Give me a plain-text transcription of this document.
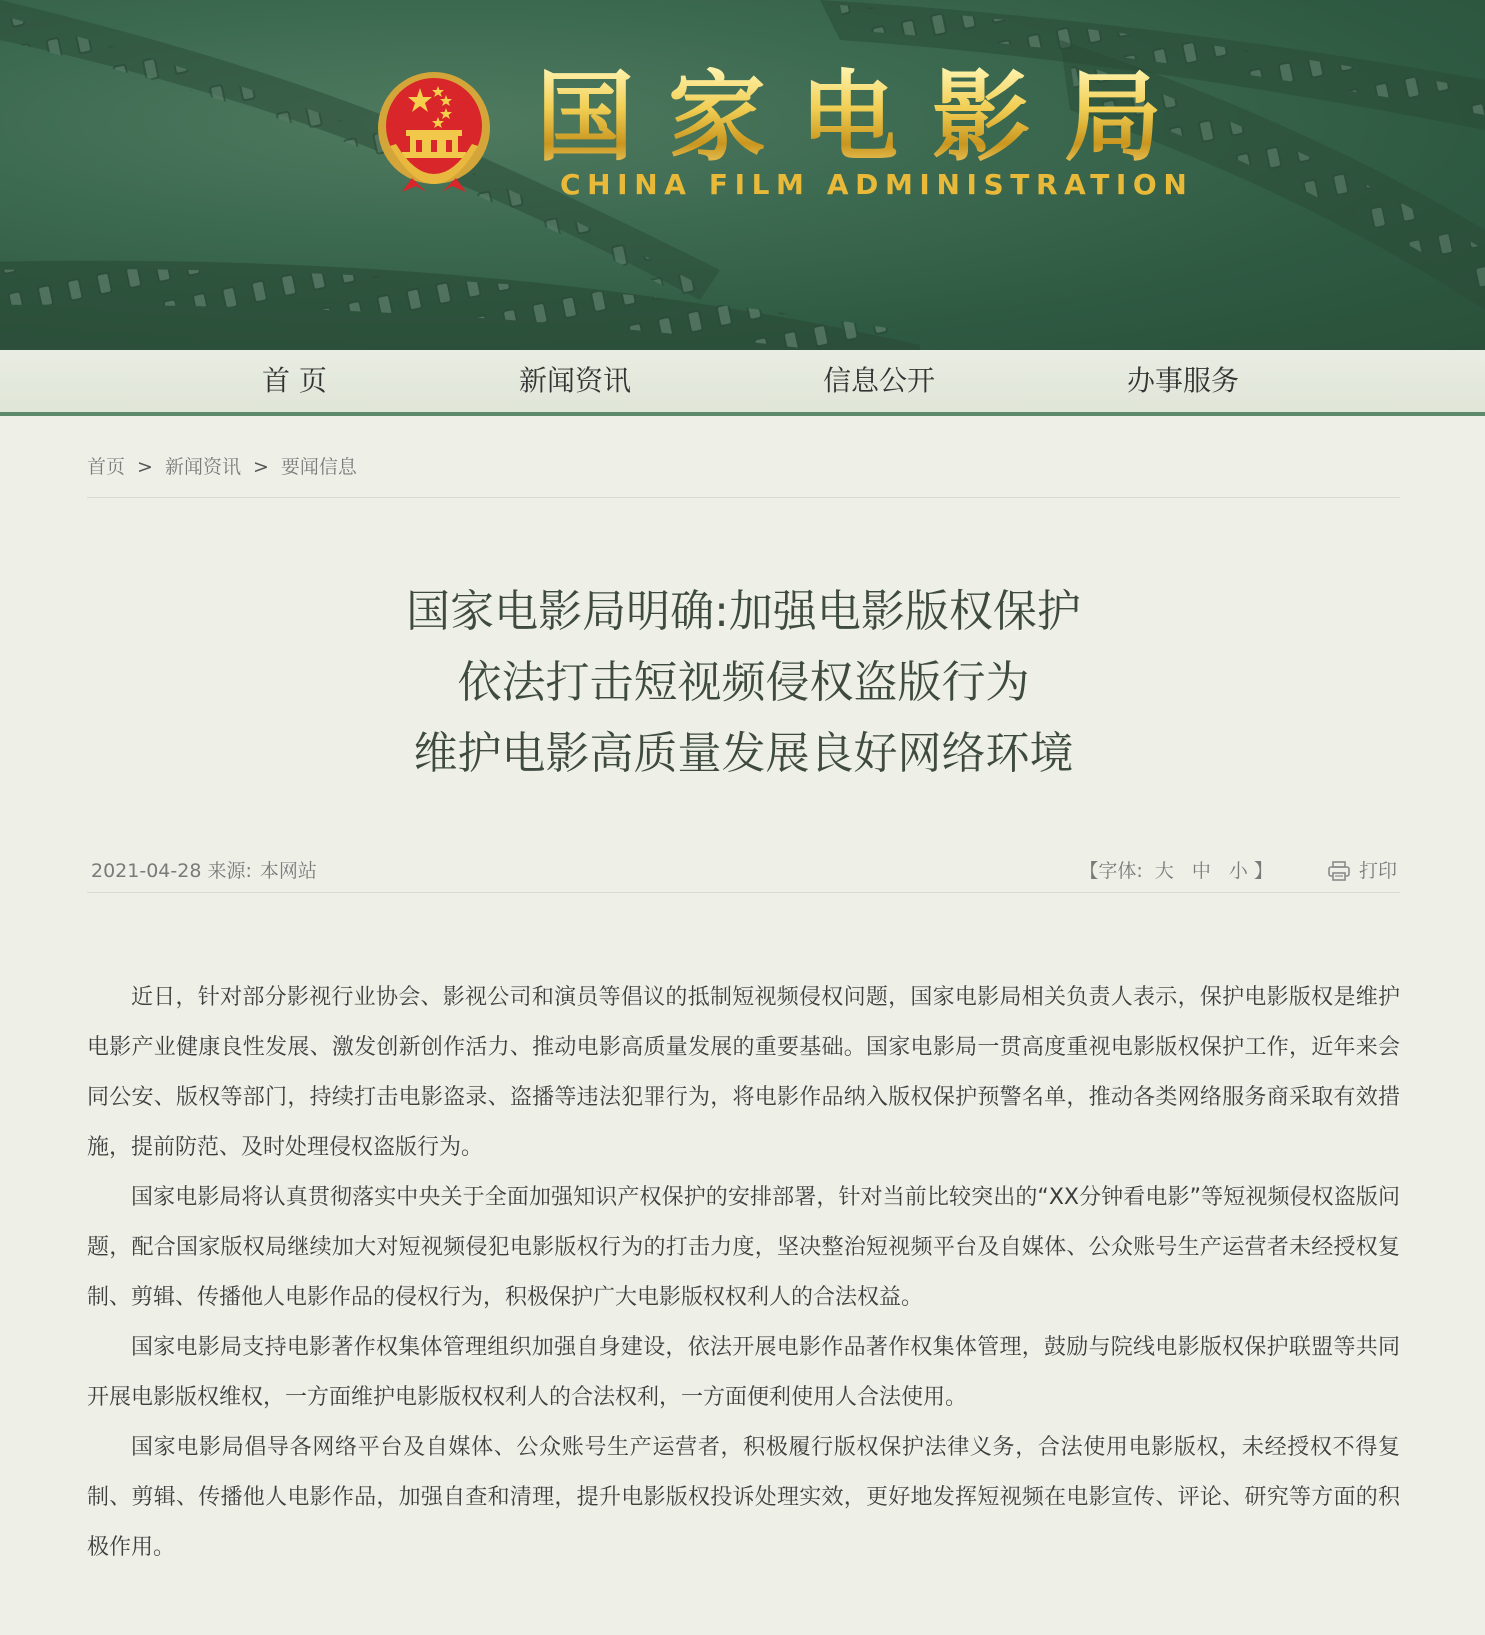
国家电影局
CHINA FILM ADMINISTRATION
首 页	新闻资讯	信息公开	办事服务
首页 > 新闻资讯 > 要闻信息
国家电影局明确:加强电影版权保护
依法打击短视频侵权盗版行为
维护电影高质量发展良好网络环境
2021-04-28 来源: 本网站	【字体: 大 中 小 】	打印

近日，针对部分影视行业协会、影视公司和演员等倡议的抵制短视频侵权问题，国家电影局相关负责人表示，保护电影版权是维护电影产业健康良性发展、激发创新创作活力、推动电影高质量发展的重要基础。国家电影局一贯高度重视电影版权保护工作，近年来会同公安、版权等部门，持续打击电影盗录、盗播等违法犯罪行为，将电影作品纳入版权保护预警名单，推动各类网络服务商采取有效措施，提前防范、及时处理侵权盗版行为。

国家电影局将认真贯彻落实中央关于全面加强知识产权保护的安排部署，针对当前比较突出的“XX分钟看电影”等短视频侵权盗版问题，配合国家版权局继续加大对短视频侵犯电影版权行为的打击力度，坚决整治短视频平台及自媒体、公众账号生产运营者未经授权复制、剪辑、传播他人电影作品的侵权行为，积极保护广大电影版权权利人的合法权益。

国家电影局支持电影著作权集体管理组织加强自身建设，依法开展电影作品著作权集体管理，鼓励与院线电影版权保护联盟等共同开展电影版权维权，一方面维护电影版权权利人的合法权利，一方面便利使用人合法使用。

国家电影局倡导各网络平台及自媒体、公众账号生产运营者，积极履行版权保护法律义务，合法使用电影版权，未经授权不得复制、剪辑、传播他人电影作品，加强自查和清理，提升电影版权投诉处理实效，更好地发挥短视频在电影宣传、评论、研究等方面的积极作用。
